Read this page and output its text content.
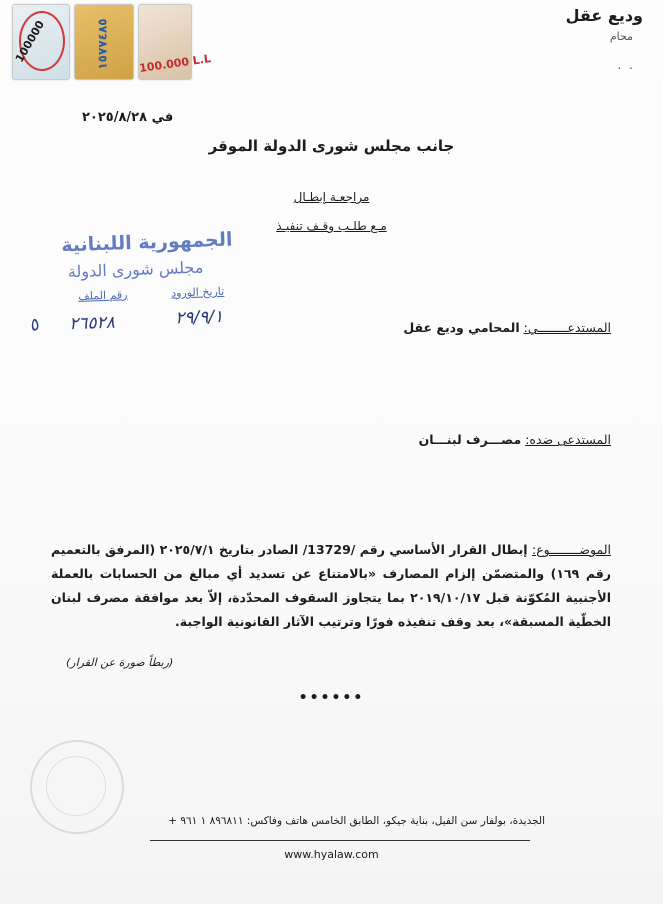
100000	١٥٧٧٤٨٥	100.000 L.L
وديع عقل
محام
. .
في ٢٠٢٥/٨/٢٨
جانب مجلس شورى الدولة الموقر
مراجعـة إبطـال
مـع طلـب وقـف تنفيـذ
الجمهورية اللبنانية
مجلس شورى الدولة
تاريخ الورود
رقم الملف
٢٩/٩/١
٢٦٥٢٨
٥	المستدعــــــــي: المحامي وديع عقل
المستدعى ضده: مصـــرف لبنـــان
الموضــــــــوع: إبطال القرار الأساسي رقم /13729/ الصادر بتاريخ ٢٠٢٥/٧/١ (المرفق بالتعميم رقم ١٦٩) والمتضمّن إلزام المصارف «بالامتناع عن تسديد أي مبالغ من الحسابات بالعملة الأجنبية المُكوّنة قبل ٢٠١٩/١٠/١٧ بما يتجاوز السقوف المحدّدة، إلاّ بعد موافقة مصرف لبنان الخطّية المسبقة»، بعد وقف تنفيذه فورًا وترتيب الآثار القانونية الواجبة.
(ربطاً صورة عن القرار)
••••••
الجديدة، بولفار سن الفيل، بناية جيكو، الطابق الخامس هاتف وفاكس: ٨٩٦٨١١ ١ ٩٦١ +
www.hyalaw.com
